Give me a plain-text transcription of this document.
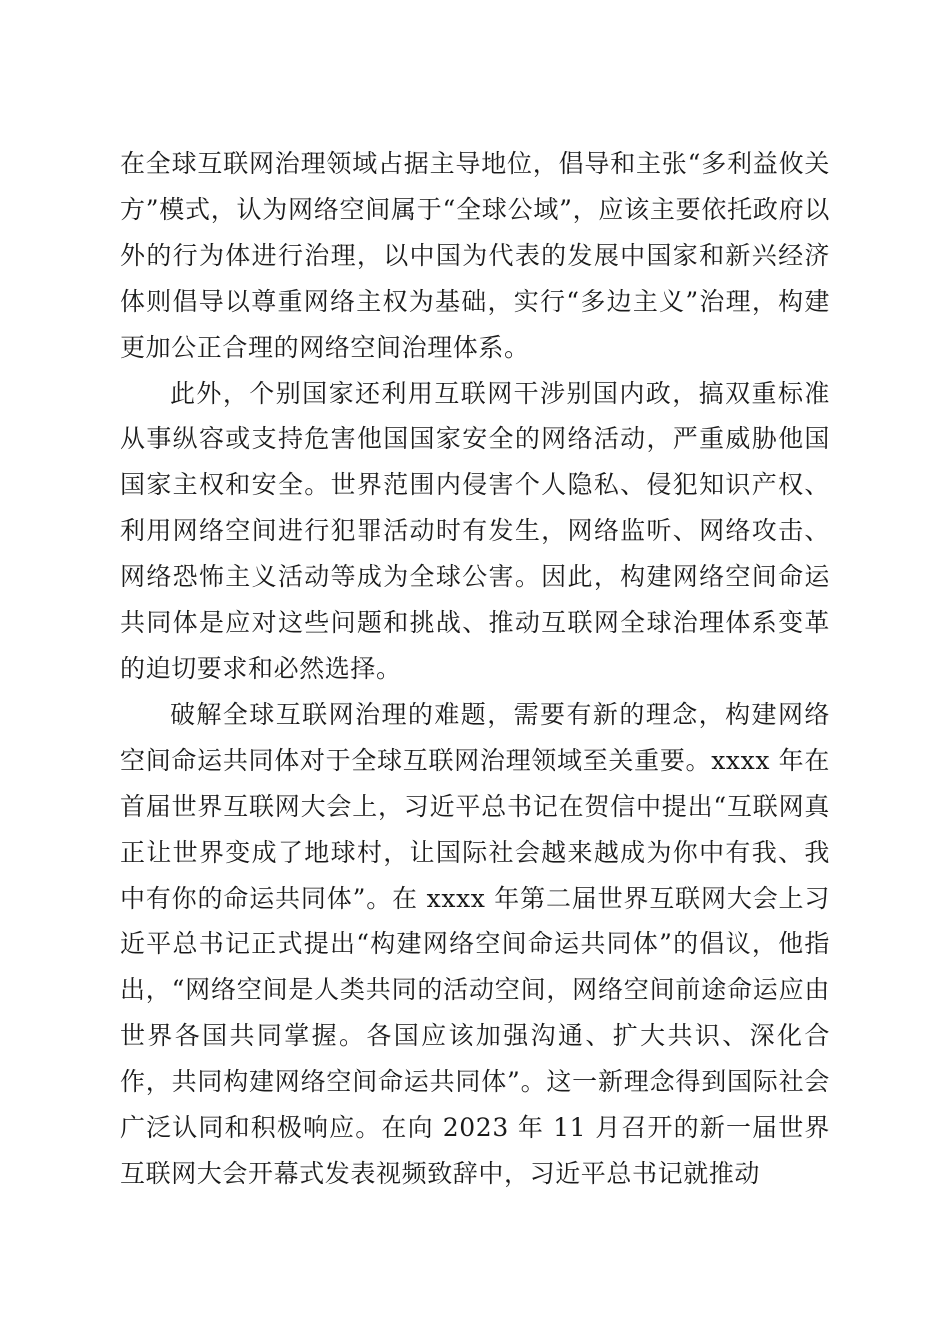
在全球互联网治理领域占据主导地位，倡导和主张“多利益攸关方”模式，认为网络空间属于“全球公域”，应该主要依托政府以外的行为体进行治理，以中国为代表的发展中国家和新兴经济体则倡导以尊重网络主权为基础，实行“多边主义”治理，构建更加公正合理的网络空间治理体系。

此外，个别国家还利用互联网干涉别国内政，搞双重标准从事纵容或支持危害他国国家安全的网络活动，严重威胁他国国家主权和安全。世界范围内侵害个人隐私、侵犯知识产权、利用网络空间进行犯罪活动时有发生，网络监听、网络攻击、网络恐怖主义活动等成为全球公害。因此，构建网络空间命运共同体是应对这些问题和挑战、推动互联网全球治理体系变革的迫切要求和必然选择。

破解全球互联网治理的难题，需要有新的理念，构建网络空间命运共同体对于全球互联网治理领域至关重要。xxxx 年在首届世界互联网大会上，习近平总书记在贺信中提出“互联网真正让世界变成了地球村，让国际社会越来越成为你中有我、我中有你的命运共同体”。在 xxxx 年第二届世界互联网大会上习近平总书记正式提出“构建网络空间命运共同体”的倡议，他指出，“网络空间是人类共同的活动空间，网络空间前途命运应由世界各国共同掌握。各国应该加强沟通、扩大共识、深化合作，共同构建网络空间命运共同体”。这一新理念得到国际社会广泛认同和积极响应。在向 2023 年 11 月召开的新一届世界互联网大会开幕式发表视频致辞中，习近平总书记就推动
